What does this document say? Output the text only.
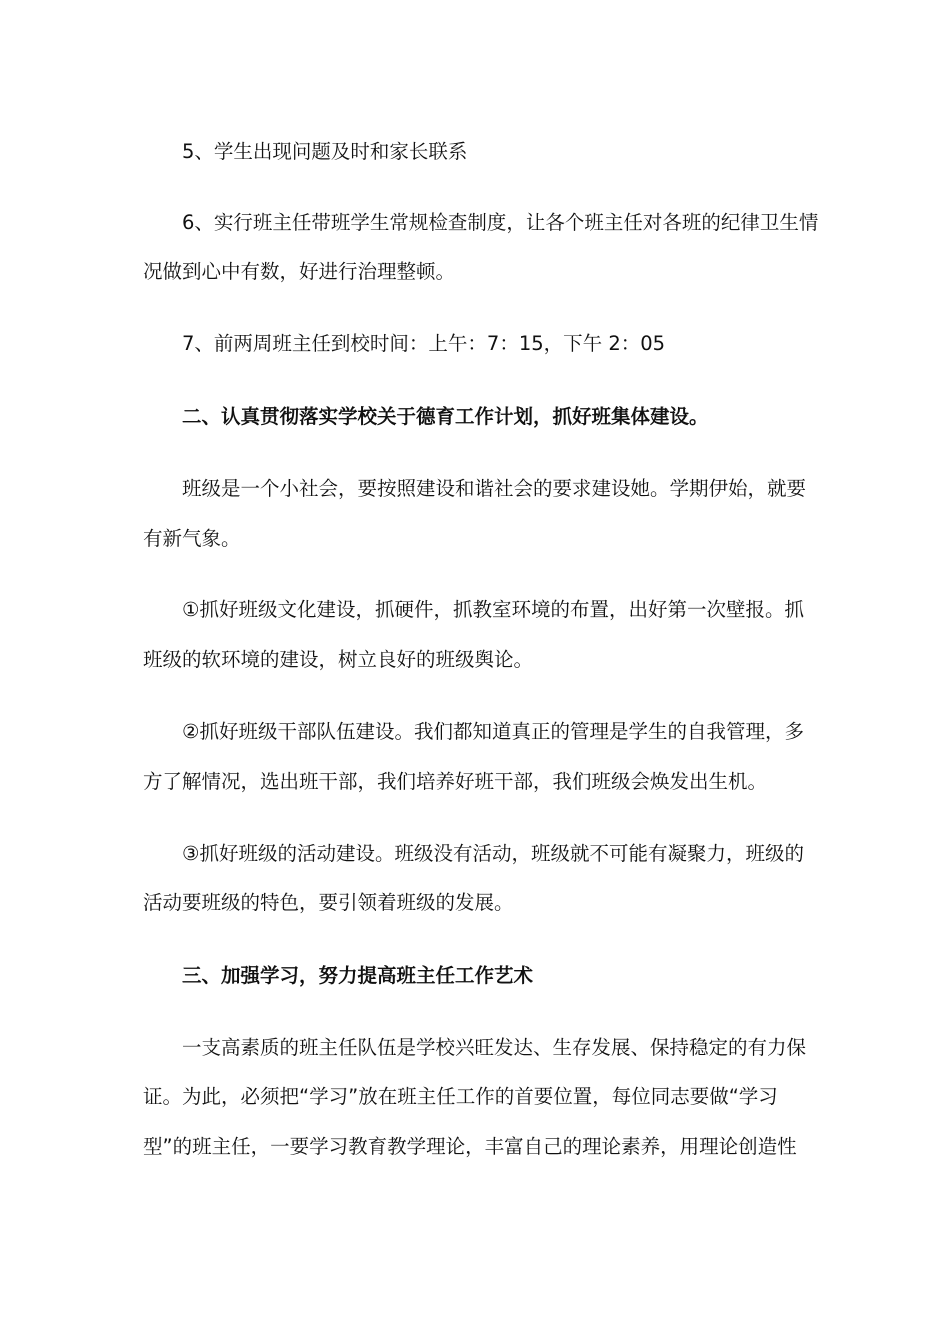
5、学生出现问题及时和家长联系

6、实行班主任带班学生常规检查制度，让各个班主任对各班的纪律卫生情

况做到心中有数，好进行治理整顿。

7、前两周班主任到校时间：上午：7：15，下午 2：05

二、认真贯彻落实学校关于德育工作计划，抓好班集体建设。

班级是一个小社会，要按照建设和谐社会的要求建设她。学期伊始，就要

有新气象。

①抓好班级文化建设，抓硬件，抓教室环境的布置，出好第一次壁报。抓

班级的软环境的建设，树立良好的班级舆论。

②抓好班级干部队伍建设。我们都知道真正的管理是学生的自我管理，多

方了解情况，选出班干部，我们培养好班干部，我们班级会焕发出生机。

③抓好班级的活动建设。班级没有活动，班级就不可能有凝聚力，班级的

活动要班级的特色，要引领着班级的发展。

三、加强学习，努力提高班主任工作艺术

一支高素质的班主任队伍是学校兴旺发达、生存发展、保持稳定的有力保

证。为此，必须把“学习”放在班主任工作的首要位置，每位同志要做“学习

型”的班主任，一要学习教育教学理论，丰富自己的理论素养，用理论创造性
